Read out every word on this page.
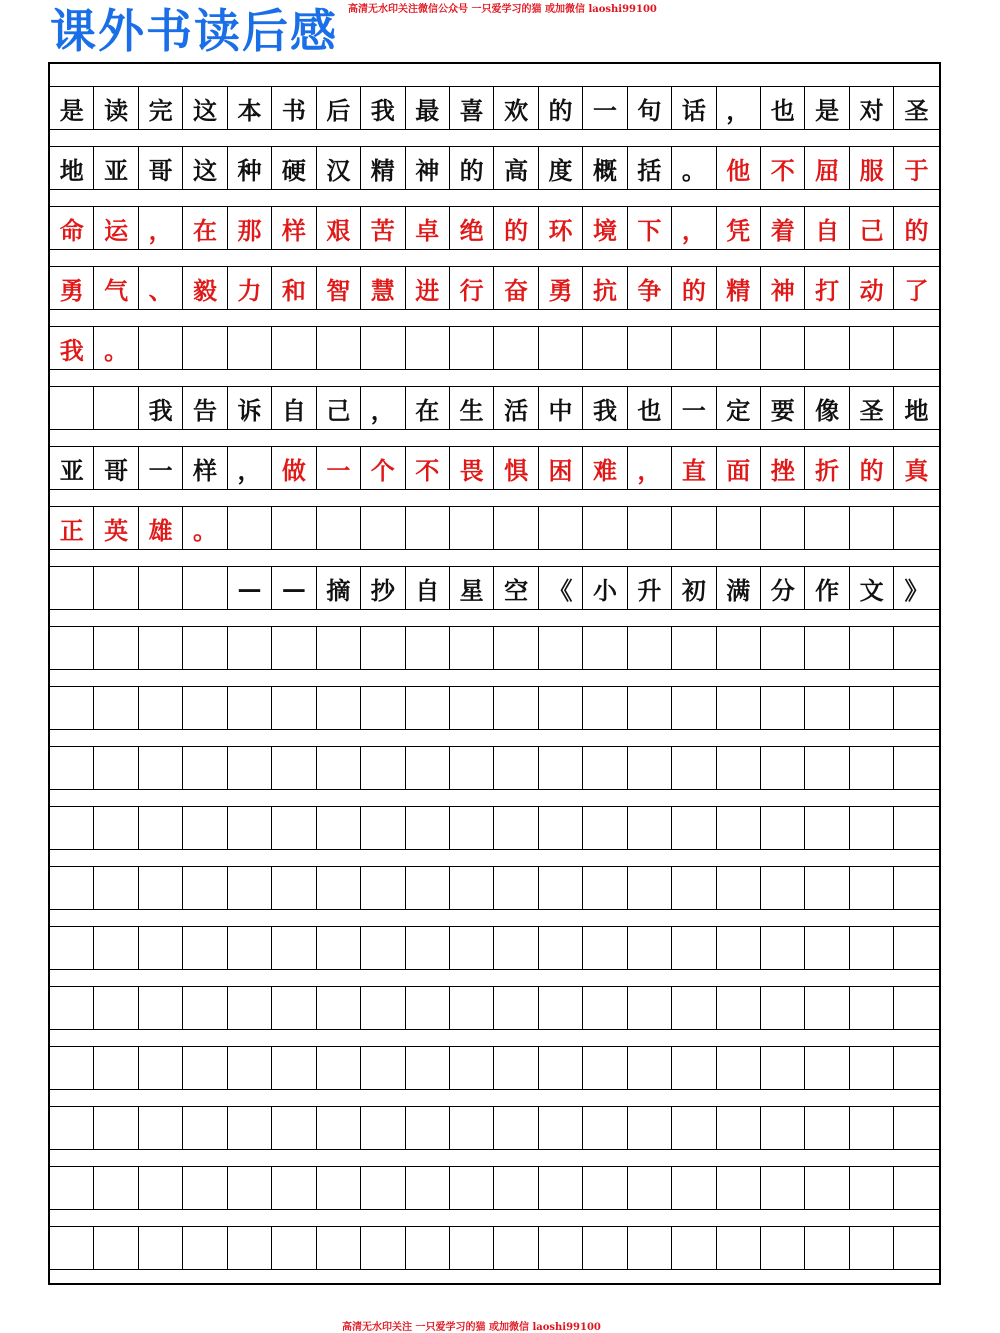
课外书读后感 高清无水印关注微信公众号 一只爱学习的猫 或加微信 laoshi99100
是 读 完 这 本 书 后 我 最 喜 欢 的 一 句 话 ， 也 是 对 圣
地 亚 哥 这 种 硬 汉 精 神 的 高 度 概 括 。 他 不 屈 服 于
命 运 ， 在 那 样 艰 苦 卓 绝 的 环 境 下 ， 凭 着 自 己 的
勇 气 、 毅 力 和 智 慧 进 行 奋 勇 抗 争 的 精 神 打 动 了
我 。
我 告 诉 自 己 ， 在 生 活 中 我 也 一 定 要 像 圣 地
亚 哥 一 样 ， 做 一 个 不 畏 惧 困 难 ， 直 面 挫 折 的 真
正 英 雄 。
— — 摘 抄 自 星 空 《 小 升 初 满 分 作 文 》
高清无水印关注 一只爱学习的猫 或加微信 laoshi99100
